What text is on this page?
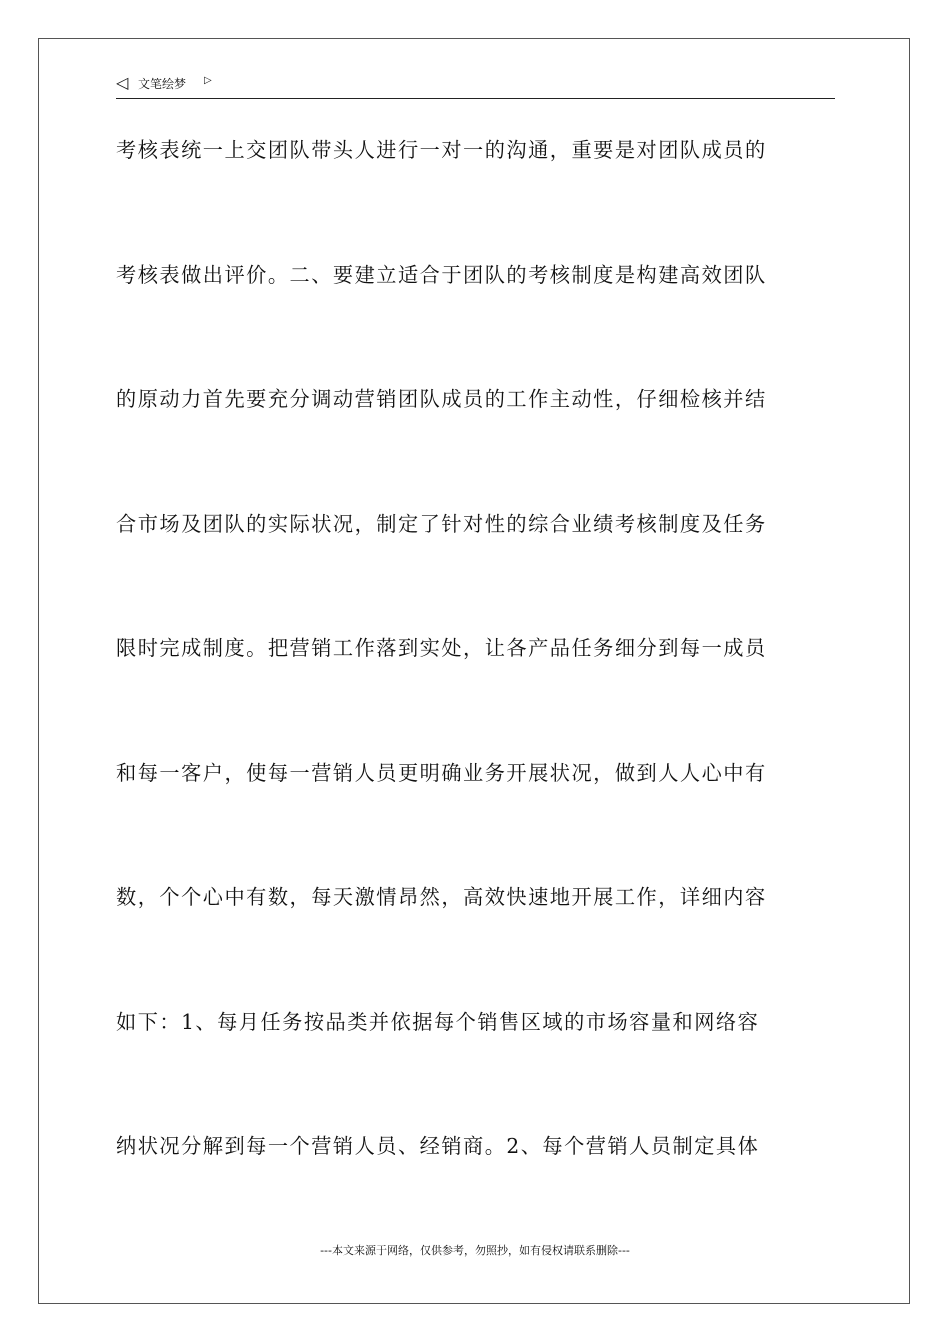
◁ 文笔绘梦 ▷
考核表统一上交团队带头人进行一对一的沟通，重要是对团队成员的
考核表做出评价。二、要建立适合于团队的考核制度是构建高效团队
的原动力首先要充分调动营销团队成员的工作主动性，仔细检核并结
合市场及团队的实际状况，制定了针对性的综合业绩考核制度及任务
限时完成制度。把营销工作落到实处，让各产品任务细分到每一成员
和每一客户，使每一营销人员更明确业务开展状况，做到人人心中有
数，个个心中有数，每天激情昂然，高效快速地开展工作，详细内容
如下：1、每月任务按品类并依据每个销售区域的市场容量和网络容
纳状况分解到每一个营销人员、经销商。2、每个营销人员制定具体
---本文来源于网络，仅供参考，勿照抄，如有侵权请联系删除---
